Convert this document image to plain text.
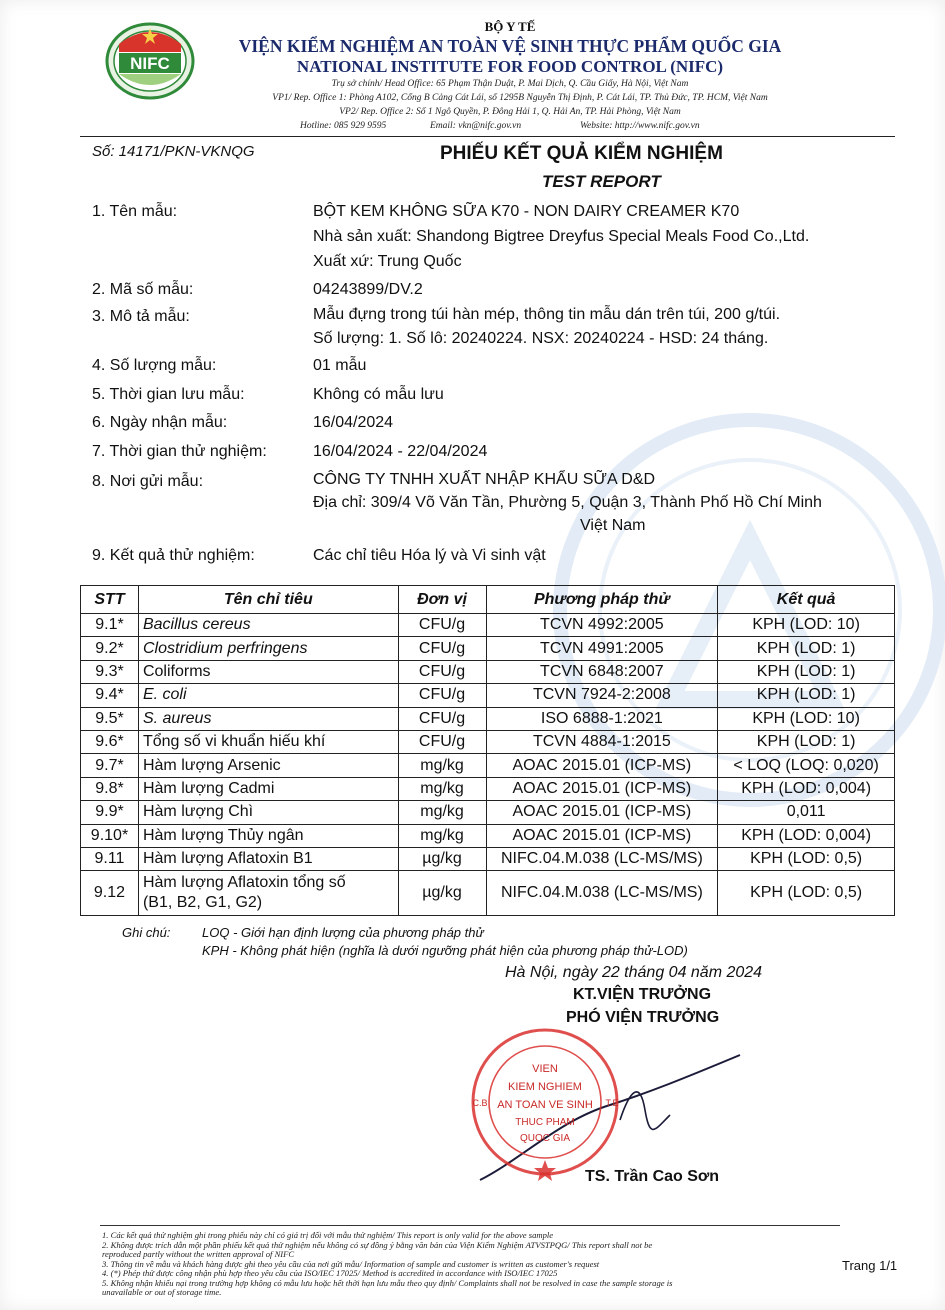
NIFC
BỘ Y TẾ
VIỆN KIỂM NGHIỆM AN TOÀN VỆ SINH THỰC PHẨM QUỐC GIA
NATIONAL INSTITUTE FOR FOOD CONTROL (NIFC)
Trụ sở chính/ Head Office: 65 Phạm Thận Duật, P. Mai Dịch, Q. Cầu Giấy, Hà Nội, Việt Nam
VP1/ Rep. Office 1: Phòng A102, Cổng B Cảng Cát Lái, số 1295B Nguyễn Thị Định, P. Cát Lái, TP. Thủ Đức, TP. HCM, Việt Nam
VP2/ Rep. Office 2: Số 1 Ngô Quyền, P. Đông Hải 1, Q. Hải An, TP. Hải Phòng, Việt Nam
Hotline: 085 929 9595	Email: vkn@nifc.gov.vn	Website: http://www.nifc.gov.vn
Số: 14171/PKN-VKNQG	PHIẾU KẾT QUẢ KIỂM NGHIỆM
TEST REPORT
1. Tên mẫu:	BỘT KEM KHÔNG SỮA K70 - NON DAIRY CREAMER K70
Nhà sản xuất: Shandong Bigtree Dreyfus Special Meals Food Co.,Ltd.
Xuất xứ: Trung Quốc
2. Mã số mẫu:	04243899/DV.2
3. Mô tả mẫu:	Mẫu đựng trong túi hàn mép, thông tin mẫu dán trên túi, 200 g/túi.
Số lượng: 1. Số lô: 20240224. NSX: 20240224 - HSD: 24 tháng.
4. Số lượng mẫu:	01 mẫu
5. Thời gian lưu mẫu:	Không có mẫu lưu
6. Ngày nhận mẫu:	16/04/2024
7. Thời gian thử nghiệm:	16/04/2024 - 22/04/2024
8. Nơi gửi mẫu:	CÔNG TY TNHH XUẤT NHẬP KHẨU SỮA D&D
Địa chỉ: 309/4 Võ Văn Tần, Phường 5, Quận 3, Thành Phố Hồ Chí Minh
Việt Nam
9. Kết quả thử nghiệm:	Các chỉ tiêu Hóa lý và Vi sinh vật
STT	Tên chỉ tiêu	Đơn vị	Phương pháp thử	Kết quả
9.1*	Bacillus cereus	CFU/g	TCVN 4992:2005	KPH (LOD: 10)
9.2*	Clostridium perfringens	CFU/g	TCVN 4991:2005	KPH (LOD: 1)
9.3*	Coliforms	CFU/g	TCVN 6848:2007	KPH (LOD: 1)
9.4*	E. coli	CFU/g	TCVN 7924-2:2008	KPH (LOD: 1)
9.5*	S. aureus	CFU/g	ISO 6888-1:2021	KPH (LOD: 10)
9.6*	Tổng số vi khuẩn hiếu khí	CFU/g	TCVN 4884-1:2015	KPH (LOD: 1)
9.7*	Hàm lượng Arsenic	mg/kg	AOAC 2015.01 (ICP-MS)	< LOQ (LOQ: 0,020)
9.8*	Hàm lượng Cadmi	mg/kg	AOAC 2015.01 (ICP-MS)	KPH (LOD: 0,004)
9.9*	Hàm lượng Chì	mg/kg	AOAC 2015.01 (ICP-MS)	0,011
9.10*	Hàm lượng Thủy ngân	mg/kg	AOAC 2015.01 (ICP-MS)	KPH (LOD: 0,004)
9.11	Hàm lượng Aflatoxin B1	µg/kg	NIFC.04.M.038 (LC-MS/MS)	KPH (LOD: 0,5)
9.12	Hàm lượng Aflatoxin tổng số
(B1, B2, G1, G2)	µg/kg	NIFC.04.M.038 (LC-MS/MS)	KPH (LOD: 0,5)
Ghi chú: LOQ - Giới hạn định lượng của phương pháp thử
KPH - Không phát hiện (nghĩa là dưới ngưỡng phát hiện của phương pháp thử-LOD)
Hà Nội, ngày 22 tháng 04 năm 2024
KT.VIỆN TRƯỞNG
PHÓ VIỆN TRƯỞNG
VIEN
KIEM NGHIEM
AN TOAN VE SINH
THUC PHAM
QUOC GIA
C.B	T.E
TS. Trần Cao Sơn
1. Các kết quả thử nghiệm ghi trong phiếu này chỉ có giá trị đối với mẫu thử nghiệm/ This report is only valid for the above sample
2. Không được trích dẫn một phần phiếu kết quả thử nghiệm nếu không có sự đồng ý bằng văn bản của Viện Kiểm Nghiệm ATVSTPQG/ This report shall not be
reproduced partly without the written approval of NIFC
3. Thông tin về mẫu và khách hàng được ghi theo yêu cầu của nơi gửi mẫu/ Information of sample and customer is written as customer's request
4. (*) Phép thử được công nhận phù hợp theo yêu cầu của ISO/IEC 17025/ Method is accredited in accordance with ISO/IEC 17025
5. Không nhận khiếu nại trong trường hợp không có mẫu lưu hoặc hết thời hạn lưu mẫu theo quy định/ Complaints shall not be resolved in case the sample storage is
unavailable or out of storage time.
Trang 1/1
